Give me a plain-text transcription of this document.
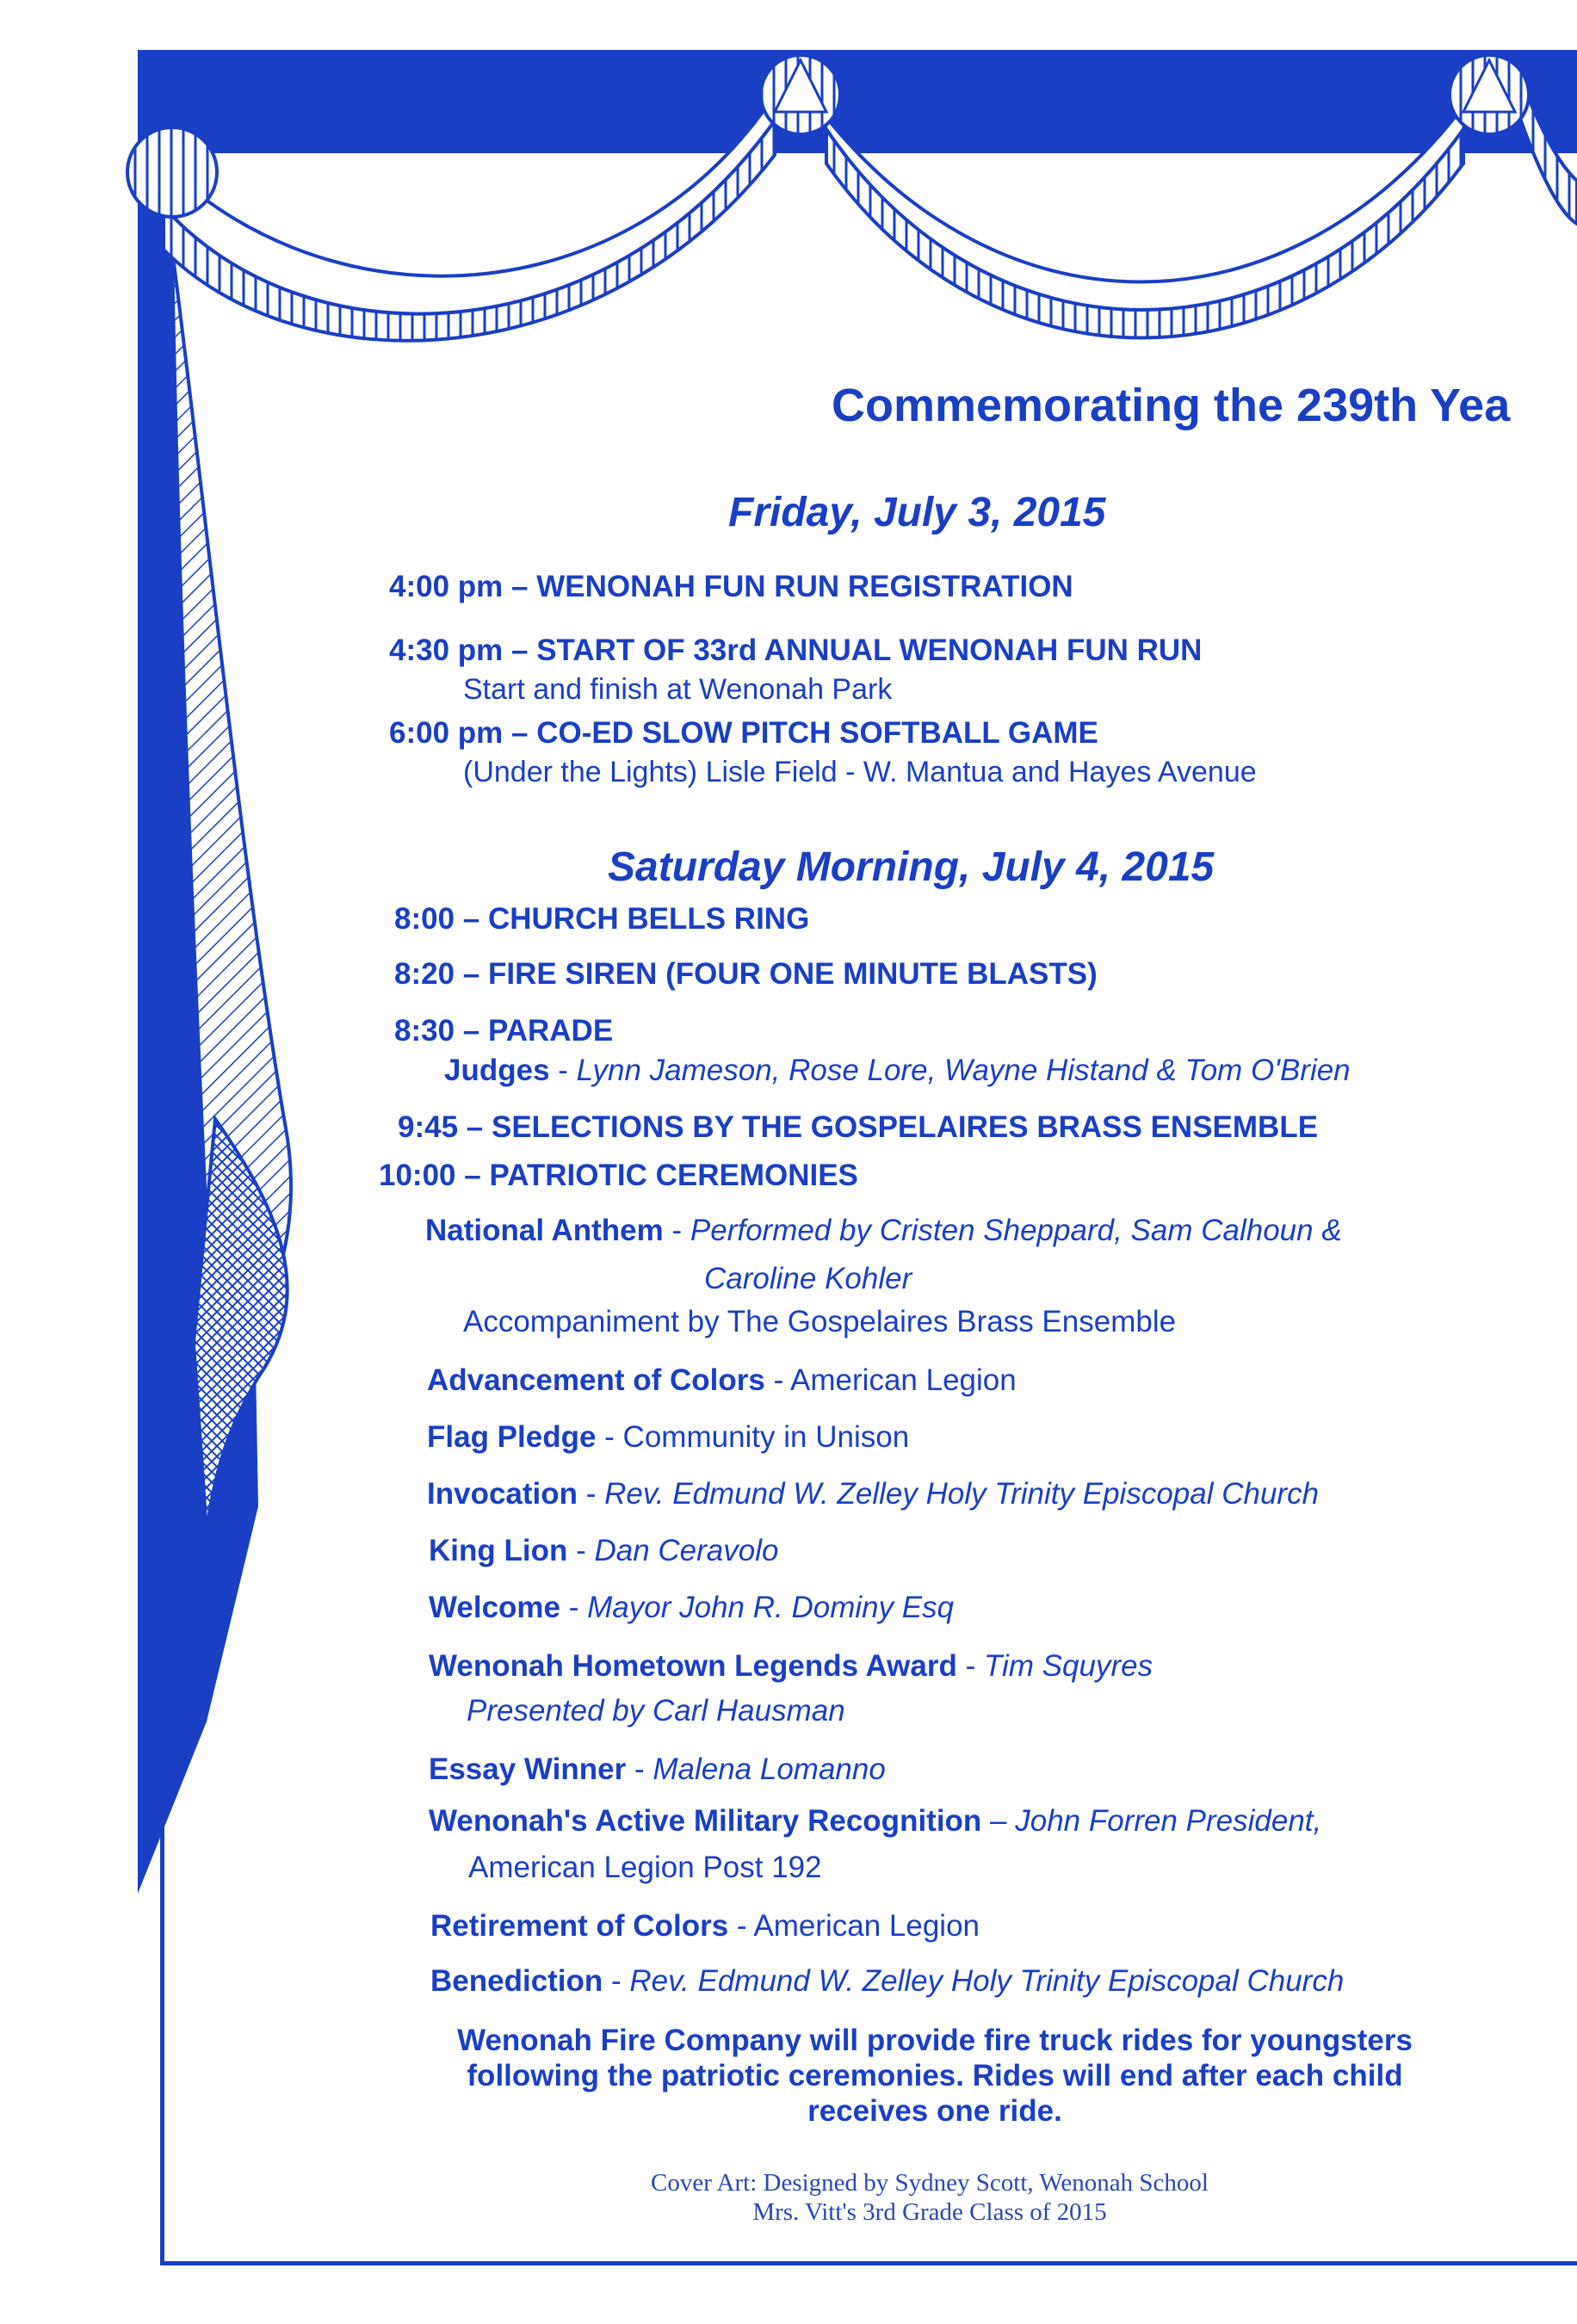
Commemorating the 239th Yea
Friday, July 3, 2015
4:00 pm – WENONAH FUN RUN REGISTRATION
4:30 pm – START OF 33rd ANNUAL WENONAH FUN RUN
Start and finish at Wenonah Park
6:00 pm – CO-ED SLOW PITCH SOFTBALL GAME
(Under the Lights) Lisle Field - W. Mantua and Hayes Avenue
Saturday Morning, July 4, 2015
8:00 – CHURCH BELLS RING
8:20 – FIRE SIREN (FOUR ONE MINUTE BLASTS)
8:30 – PARADE
Judges - Lynn Jameson, Rose Lore, Wayne Histand & Tom O'Brien
9:45 – SELECTIONS BY THE GOSPELAIRES BRASS ENSEMBLE
10:00 – PATRIOTIC CEREMONIES
National Anthem - Performed by Cristen Sheppard, Sam Calhoun &
Caroline Kohler
Accompaniment by The Gospelaires Brass Ensemble
Advancement of Colors - American Legion
Flag Pledge - Community in Unison
Invocation - Rev. Edmund W. Zelley Holy Trinity Episcopal Church
King Lion - Dan Ceravolo
Welcome - Mayor John R. Dominy Esq
Wenonah Hometown Legends Award - Tim Squyres
Presented by Carl Hausman
Essay Winner - Malena Lomanno
Wenonah's Active Military Recognition – John Forren President,
American Legion Post 192
Retirement of Colors - American Legion
Benediction - Rev. Edmund W. Zelley Holy Trinity Episcopal Church
Wenonah Fire Company will provide fire truck rides for youngsters
following the patriotic ceremonies. Rides will end after each child
receives one ride.
Cover Art: Designed by Sydney Scott, Wenonah School
Mrs. Vitt's 3rd Grade Class of 2015
